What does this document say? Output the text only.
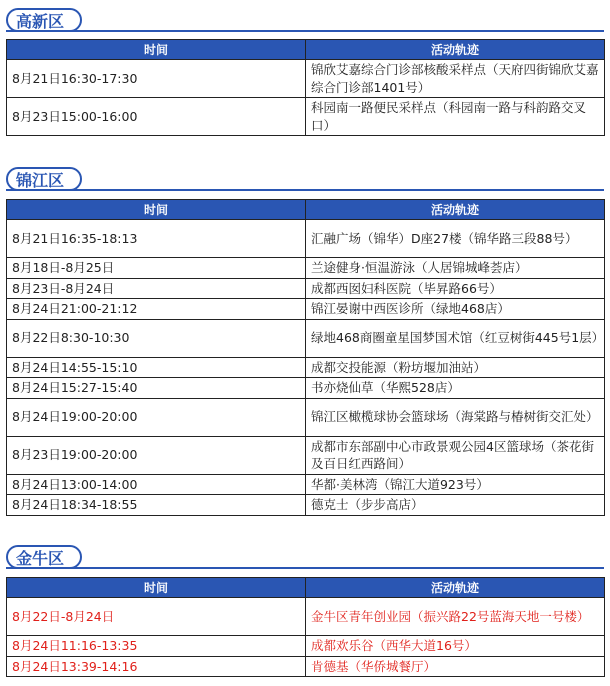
高新区
时间	活动轨迹
8月21日16:30-17:30	锦欣艾嘉综合门诊部核酸采样点（天府四街锦欣艾嘉综合门诊部1401号）
8月23日15:00-16:00	科园南一路便民采样点（科园南一路与科韵路交叉口）
锦江区
时间	活动轨迹
8月21日16:35-18:13	汇融广场（锦华）D座27楼（锦华路三段88号）
8月18日-8月25日	兰途健身·恒温游泳（人居锦城峰荟店）
8月23日-8月24日	成都西囡妇科医院（毕昇路66号）
8月24日21:00-21:12	锦江晏谢中西医诊所（绿地468店）
8月22日8:30-10:30	绿地468商圈童星国梦国术馆（红豆树街445号1层）
8月24日14:55-15:10	成都交投能源（粉坊堰加油站）
8月24日15:27-15:40	书亦烧仙草（华熙528店）
8月24日19:00-20:00	锦江区橄榄球协会篮球场（海棠路与椿树街交汇处）
8月23日19:00-20:00	成都市东部副中心市政景观公园4区篮球场（茶花街及百日红西路间）
8月24日13:00-14:00	华都·美林湾（锦江大道923号）
8月24日18:34-18:55	德克士（步步高店）
金牛区
时间	活动轨迹
8月22日-8月24日	金牛区青年创业园（振兴路22号蓝海天地一号楼）
8月24日11:16-13:35	成都欢乐谷（西华大道16号）
8月24日13:39-14:16	肯德基（华侨城餐厅）
